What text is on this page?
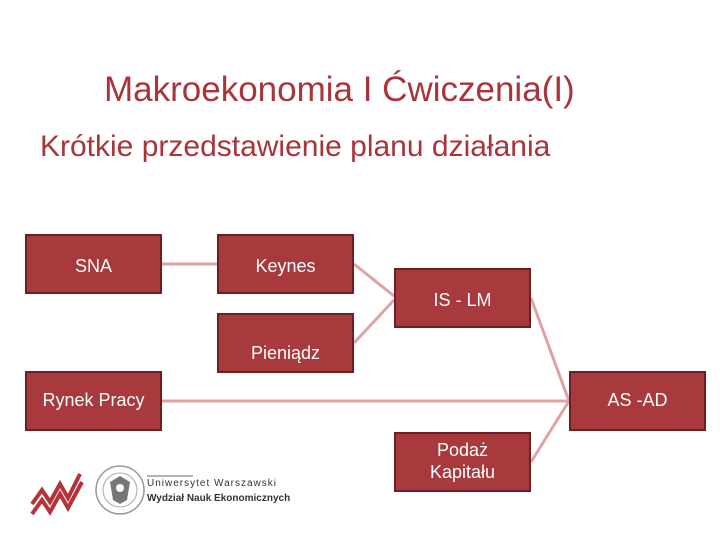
Makroekonomia I Ćwiczenia(I)
Krótkie przedstawienie planu działania
SNA	Keynes
IS - LM
Pieniądz
Rynek Pracy	AS -AD
Podaż
Kapitału
Uniwersytet Warszawski
Wydział Nauk Ekonomicznych
